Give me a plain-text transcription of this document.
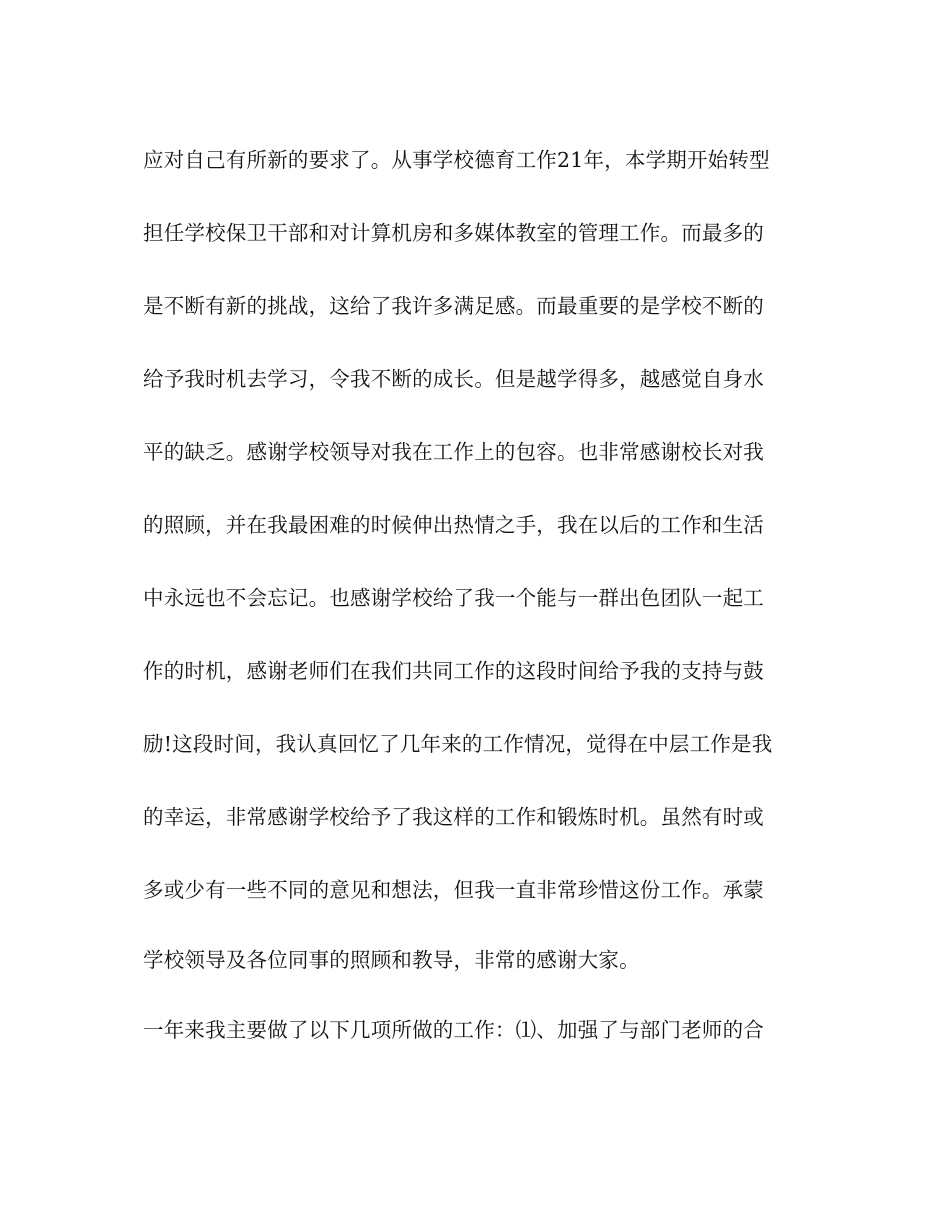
应对自己有所新的要求了。从事学校德育工作21年，本学期开始转型
担任学校保卫干部和对计算机房和多媒体教室的管理工作。而最多的
是不断有新的挑战，这给了我许多满足感。而最重要的是学校不断的
给予我时机去学习，令我不断的成长。但是越学得多，越感觉自身水
平的缺乏。感谢学校领导对我在工作上的包容。也非常感谢校长对我
的照顾，并在我最困难的时候伸出热情之手，我在以后的工作和生活
中永远也不会忘记。也感谢学校给了我一个能与一群出色团队一起工
作的时机，感谢老师们在我们共同工作的这段时间给予我的支持与鼓
励!这段时间，我认真回忆了几年来的工作情况，觉得在中层工作是我
的幸运，非常感谢学校给予了我这样的工作和锻炼时机。虽然有时或
多或少有一些不同的意见和想法，但我一直非常珍惜这份工作。承蒙
学校领导及各位同事的照顾和教导，非常的感谢大家。
一年来我主要做了以下几项所做的工作：⑴、加强了与部门老师的合
